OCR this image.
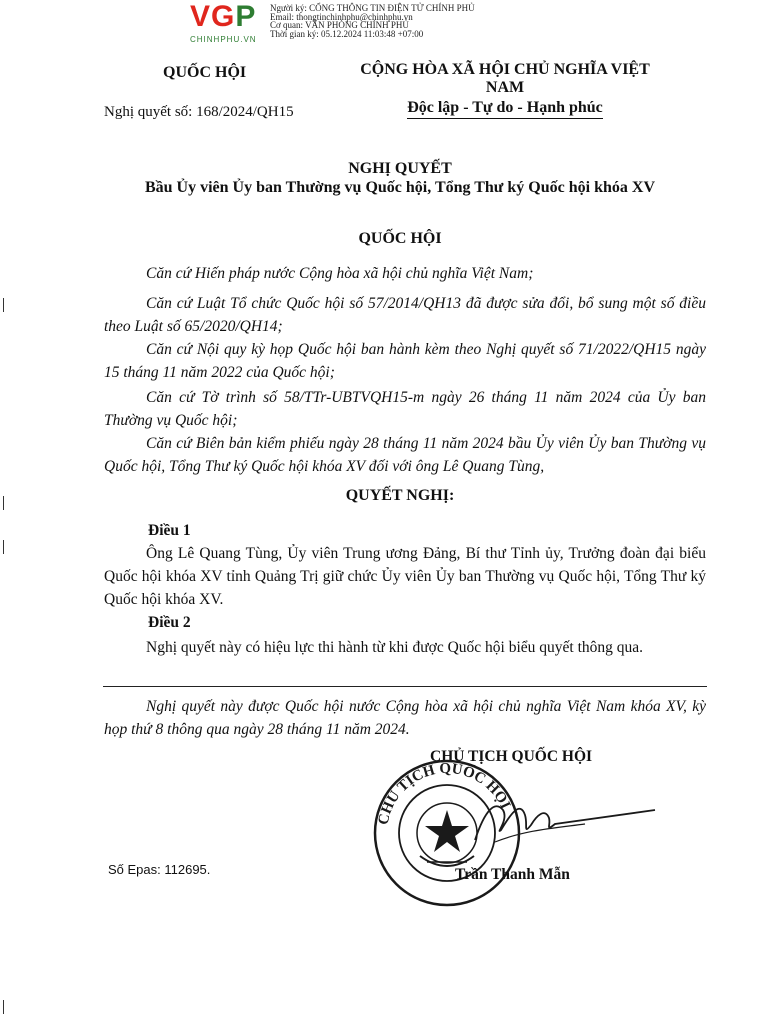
VGP
CHINHPHU.VN
Người ký: CỔNG THÔNG TIN ĐIỆN TỬ CHÍNH PHỦ
Email: thongtinchinhphu@chinhphu.vn
Cơ quan: VĂN PHÒNG CHÍNH PHỦ
Thời gian ký: 05.12.2024 11:03:48 +07:00
QUỐC HỘI	CỘNG HÒA XÃ HỘI CHỦ NGHĨA VIỆT NAM
Độc lập - Tự do - Hạnh phúc
Nghị quyết số: 168/2024/QH15
NGHỊ QUYẾT
Bầu Ủy viên Ủy ban Thường vụ Quốc hội, Tổng Thư ký Quốc hội khóa XV
QUỐC HỘI
Căn cứ Hiến pháp nước Cộng hòa xã hội chủ nghĩa Việt Nam;
Căn cứ Luật Tổ chức Quốc hội số 57/2014/QH13 đã được sửa đổi, bổ sung một số điều theo Luật số 65/2020/QH14;
Căn cứ Nội quy kỳ họp Quốc hội ban hành kèm theo Nghị quyết số 71/2022/QH15 ngày 15 tháng 11 năm 2022 của Quốc hội;
Căn cứ Tờ trình số 58/TTr-UBTVQH15-m ngày 26 tháng 11 năm 2024 của Ủy ban Thường vụ Quốc hội;
Căn cứ Biên bản kiểm phiếu ngày 28 tháng 11 năm 2024 bầu Ủy viên Ủy ban Thường vụ Quốc hội, Tổng Thư ký Quốc hội khóa XV đối với ông Lê Quang Tùng,
QUYẾT NGHỊ:
Điều 1
Ông Lê Quang Tùng, Ủy viên Trung ương Đảng, Bí thư Tỉnh ủy, Trưởng đoàn đại biểu Quốc hội khóa XV tỉnh Quảng Trị giữ chức Ủy viên Ủy ban Thường vụ Quốc hội, Tổng Thư ký Quốc hội khóa XV.
Điều 2
Nghị quyết này có hiệu lực thi hành từ khi được Quốc hội biểu quyết thông qua.
Nghị quyết này được Quốc hội nước Cộng hòa xã hội chủ nghĩa Việt Nam khóa XV, kỳ họp thứ 8 thông qua ngày 28 tháng 11 năm 2024.
CHỦ TỊCH QUỐC HỘI
CHỦ TỊCH QUỐC HỘI
Trần Thanh Mẫn
Số Epas: 112695.
